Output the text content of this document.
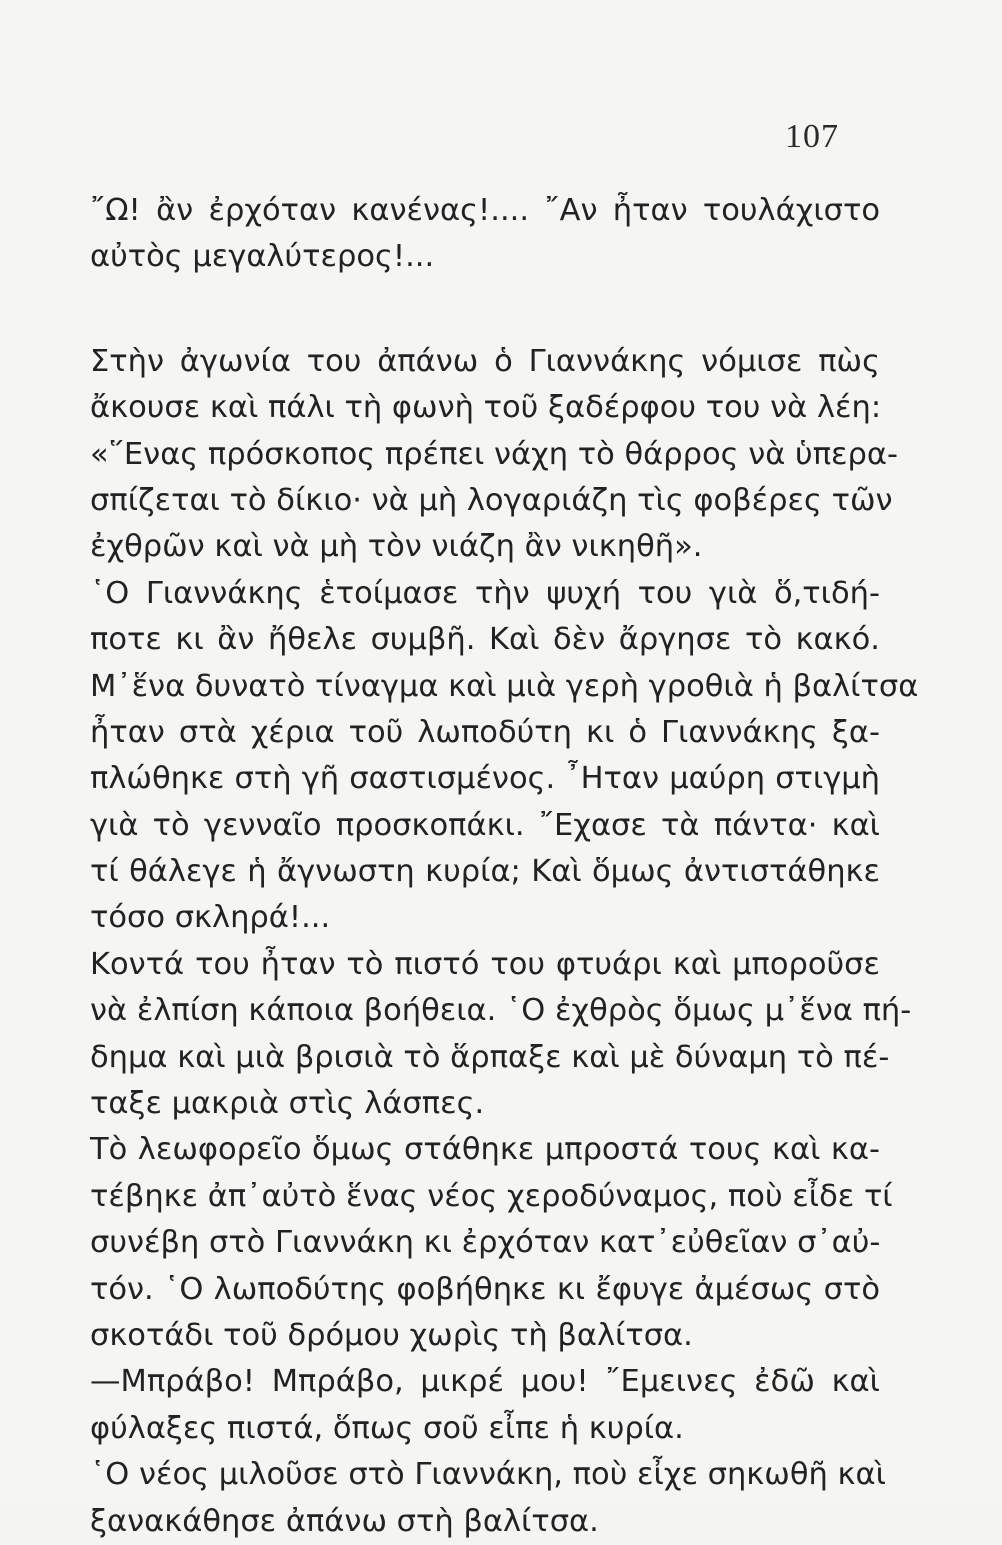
107
῎Ω! ἂν ἐρχόταν κανένας!.... ῎Αν ἦταν τουλάχιστο
αὐτὸς μεγαλύτερος!...
Στὴν ἀγωνία του ἀπάνω ὁ Γιαννάκης νόμισε πὼς
ἄκουσε καὶ πάλι τὴ φωνὴ τοῦ ξαδέρφου του νὰ λέη:
«῞Ενας πρόσκοπος πρέπει νάχη τὸ θάρρος νὰ ὑπερα-
σπίζεται τὸ δίκιο· νὰ μὴ λογαριάζη τὶς φοβέρες τῶν
ἐχθρῶν καὶ νὰ μὴ τὸν νιάζη ἂν νικηθῆ».
῾Ο Γιαννάκης ἑτοίμασε τὴν ψυχή του γιὰ ὅ,τιδή-
ποτε κι ἂν ἤθελε συμβῆ. Καὶ δὲν ἄργησε τὸ κακό.
Μ᾿ἕνα δυνατὸ τίναγμα καὶ μιὰ γερὴ γροθιὰ ἡ βαλίτσα
ἦταν στὰ χέρια τοῦ λωποδύτη κι ὁ Γιαννάκης ξα-
πλώθηκε στὴ γῆ σαστισμένος. ῏Ηταν μαύρη στιγμὴ
γιὰ τὸ γενναῖο προσκοπάκι. ῎Εχασε τὰ πάντα· καὶ
τί θάλεγε ἡ ἄγνωστη κυρία; Καὶ ὅμως ἀντιστάθηκε
τόσο σκληρά!...
Κοντά του ἦταν τὸ πιστό του φτυάρι καὶ μποροῦσε
νὰ ἐλπίση κάποια βοήθεια. ῾Ο ἐχθρὸς ὅμως μ᾿ἕνα πή-
δημα καὶ μιὰ βρισιὰ τὸ ἅρπαξε καὶ μὲ δύναμη τὸ πέ-
ταξε μακριὰ στὶς λάσπες.
Τὸ λεωφορεῖο ὅμως στάθηκε μπροστά τους καὶ κα-
τέβηκε ἀπ᾿αὐτὸ ἕνας νέος χεροδύναμος, ποὺ εἶδε τί
συνέβη στὸ Γιαννάκη κι ἐρχόταν κατ᾿εὐθεῖαν σ᾿αὐ-
τόν. ῾Ο λωποδύτης φοβήθηκε κι ἔφυγε ἀμέσως στὸ
σκοτάδι τοῦ δρόμου χωρὶς τὴ βαλίτσα.
—Μπράβο! Μπράβο, μικρέ μου! ῎Εμεινες ἐδῶ καὶ
φύλαξες πιστά, ὅπως σοῦ εἶπε ἡ κυρία.
῾Ο νέος μιλοῦσε στὸ Γιαννάκη, ποὺ εἶχε σηκωθῆ καὶ
ξανακάθησε ἀπάνω στὴ βαλίτσα.
